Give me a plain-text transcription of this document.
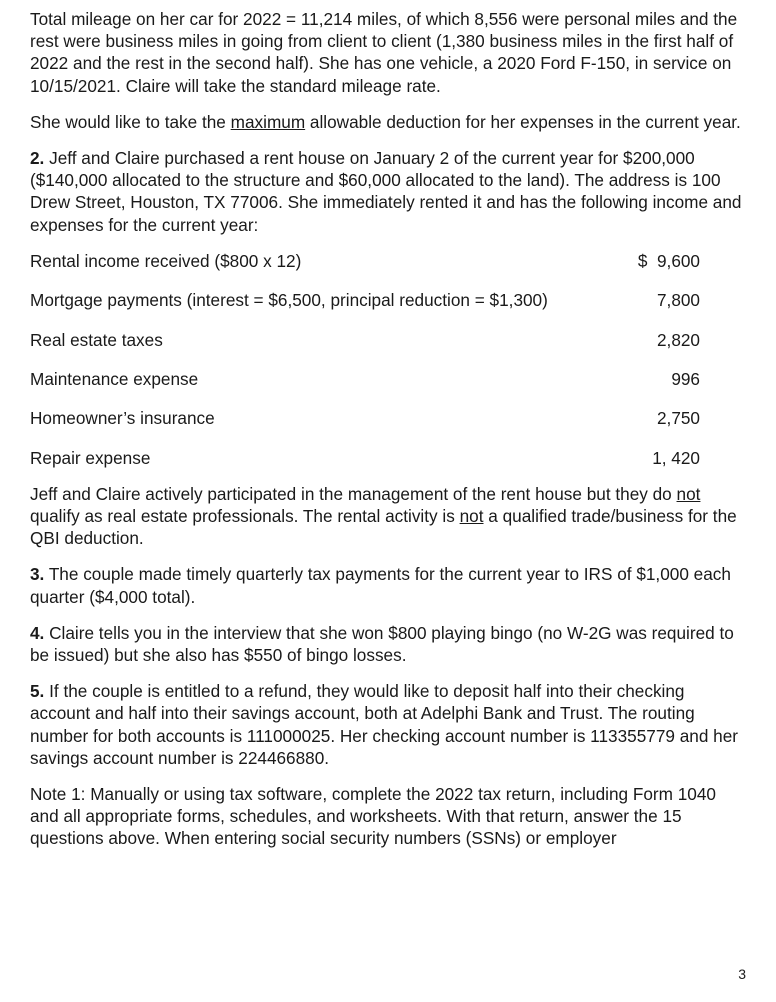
Total mileage on her car for 2022 = 11,214 miles, of which 8,556 were personal miles and the rest were business miles in going from client to client (1,380 business miles in the first half of 2022 and the rest in the second half). She has one vehicle, a 2020 Ford F-150, in service on 10/15/2021. Claire will take the standard mileage rate.

She would like to take the maximum allowable deduction for her expenses in the current year.

2. Jeff and Claire purchased a rent house on January 2 of the current year for $200,000 ($140,000 allocated to the structure and $60,000 allocated to the land). The address is 100 Drew Street, Houston, TX 77006. She immediately rented it and has the following income and expenses for the current year:

Rental income received ($800 x 12)	$  9,600
Mortgage payments (interest = $6,500, principal reduction = $1,300)	7,800
Real estate taxes	2,820
Maintenance expense	996
Homeowner’s insurance	2,750
Repair expense	1, 420

Jeff and Claire actively participated in the management of the rent house but they do not qualify as real estate professionals. The rental activity is not a qualified trade/business for the QBI deduction.

3. The couple made timely quarterly tax payments for the current year to IRS of $1,000 each quarter ($4,000 total).

4. Claire tells you in the interview that she won $800 playing bingo (no W-2G was required to be issued) but she also has $550 of bingo losses.

5. If the couple is entitled to a refund, they would like to deposit half into their checking account and half into their savings account, both at Adelphi Bank and Trust. The routing number for both accounts is 111000025. Her checking account number is 113355779 and her savings account number is 224466880.

Note 1: Manually or using tax software, complete the 2022 tax return, including Form 1040 and all appropriate forms, schedules, and worksheets. With that return, answer the 15 questions above. When entering social security numbers (SSNs) or employer

3
